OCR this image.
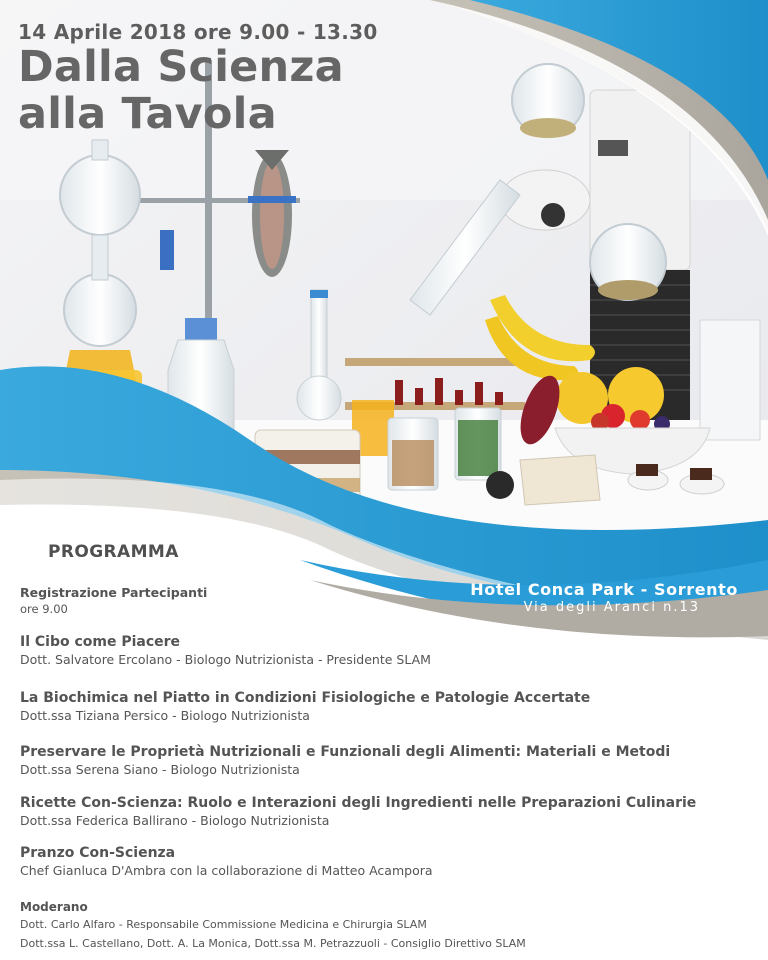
14 Aprile 2018 ore 9.00 - 13.30
Dalla Scienza
alla Tavola
Hotel Conca Park - Sorrento
Via degli Aranci n.13
PROGRAMMA
Registrazione Partecipanti
ore 9.00
Il Cibo come Piacere
Dott. Salvatore Ercolano - Biologo Nutrizionista - Presidente SLAM
La Biochimica nel Piatto in Condizioni Fisiologiche e Patologie Accertate
Dott.ssa Tiziana Persico - Biologo Nutrizionista
Preservare le Proprietà Nutrizionali e Funzionali degli Alimenti: Materiali e Metodi
Dott.ssa Serena Siano - Biologo Nutrizionista
Ricette Con-Scienza: Ruolo e Interazioni degli Ingredienti nelle Preparazioni Culinarie
Dott.ssa Federica Ballirano - Biologo Nutrizionista
Pranzo Con-Scienza
Chef Gianluca D'Ambra con la collaborazione di Matteo Acampora
Moderano
Dott. Carlo Alfaro - Responsabile Commissione Medicina e Chirurgia SLAM
Dott.ssa L. Castellano, Dott. A. La Monica, Dott.ssa M. Petrazzuoli - Consiglio Direttivo SLAM
